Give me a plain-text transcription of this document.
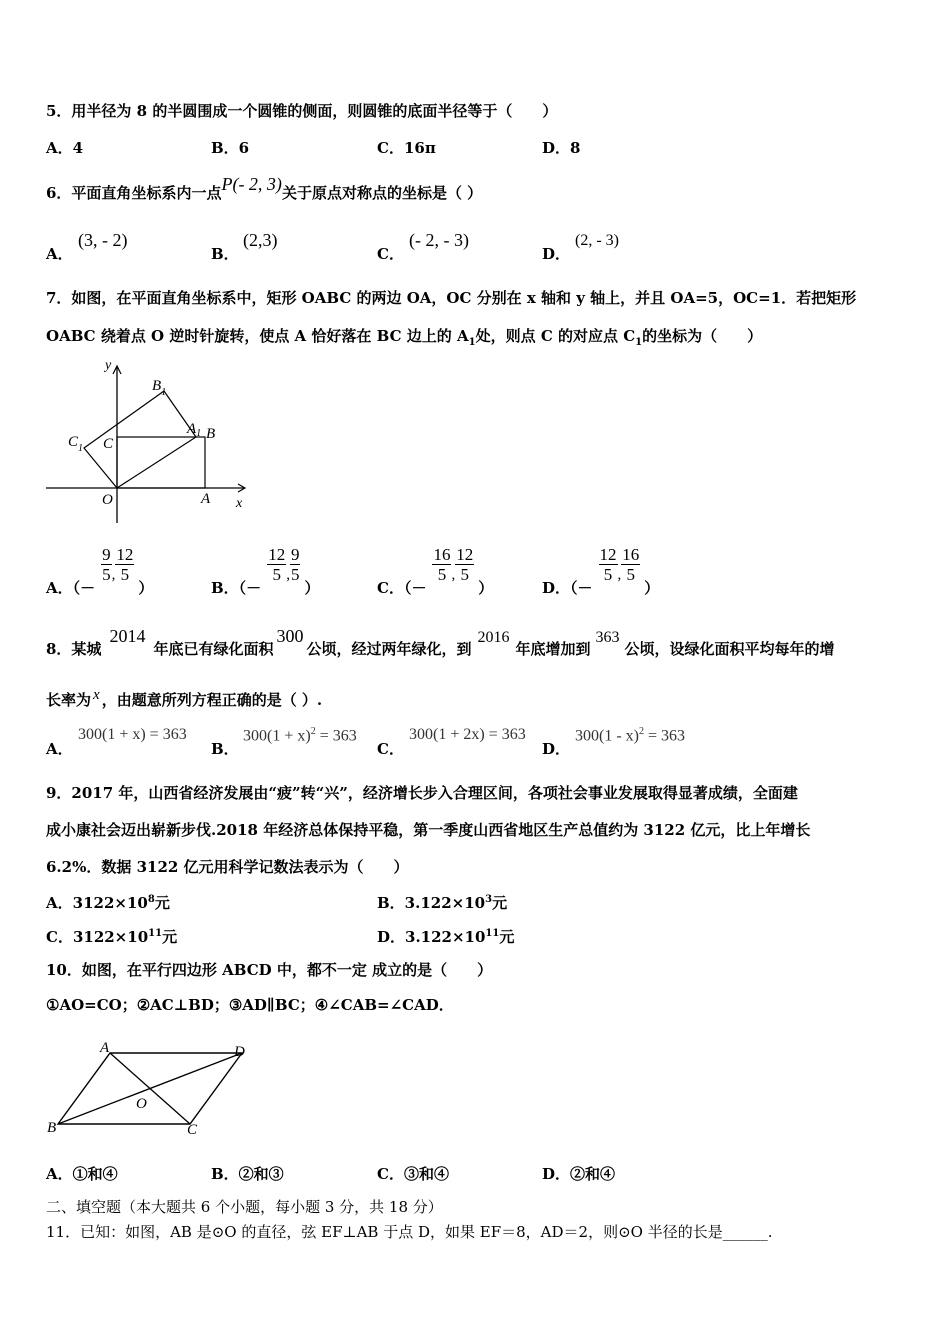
5．用半径为 8 的半圆围成一个圆锥的侧面，则圆锥的底面半径等于（　　）
A．4	B．6	C．16π	D．8
6．平面直角坐标系内一点P(- 2, 3)关于原点对称点的坐标是（ ）
A．
(3, - 2)
B．
(2,3)
C．
(- 2, - 3)
D．
(2, - 3)
7．如图，在平面直角坐标系中，矩形 OABC 的两边 OA，OC 分别在 x 轴和 y 轴上，并且 OA=5，OC=1．若把矩形
OABC 绕着点 O 逆时针旋转，使点 A 恰好落在 BC 边上的 $A_1$处，则点 C 的对应点 $C_1$的坐标为（　　）
y
x
O	A
B
C
$A_1$
$B_1$
$C_1$
A．（－
$\frac{9}{5}$ , $\frac{12}{5}$
）	B．（－
$\frac{12}{5}$ , $\frac{9}{5}$
）	C．（－
$\frac{16}{5}$ , $\frac{12}{5}$
）	D．（－
$\frac{12}{5}$ , $\frac{16}{5}$
）
8．某城2014年底已有绿化面积300公顷，经过两年绿化，到2016年底增加到363公顷，设绿化面积平均每年的增
长率为 x ，由题意所列方程正确的是（ ）.
A．
300(1 + x) = 363
B．
$300(1 + x)^2 = 363$
C．
300(1 + 2x) = 363
D．
300(1 - x)$^2$ = 363
9．2017 年，山西省经济发展由“疲”转“兴”，经济增长步入合理区间，各项社会事业发展取得显著成绩，全面建
成小康社会迈出崭新步伐.2018 年经济总体保持平稳，第一季度山西省地区生产总值约为 3122 亿元，比上年增长
6.2%．数据 3122 亿元用科学记数法表示为（　　）
A．$3122\times 10^8$元	B．$3.122\times 10^3$元
C．$3122\times 10^{11}$元	D．$3.122\times 10^{11}$元
10．如图，在平行四边形 ABCD 中，都不一定 成立的是（　　）
①AO=CO；②AC⊥BD；③AD∥BC；④∠CAB=∠CAD．
A
B	C
D
O
A．①和④	B．②和③	C．③和④	D．②和④
二、填空题（本大题共 6 个小题，每小题 3 分，共 18 分）
11．已知：如图，AB 是⊙O 的直径，弦 EF⊥AB 于点 D，如果 EF＝8，AD＝2，则⊙O 半径的长是______.
